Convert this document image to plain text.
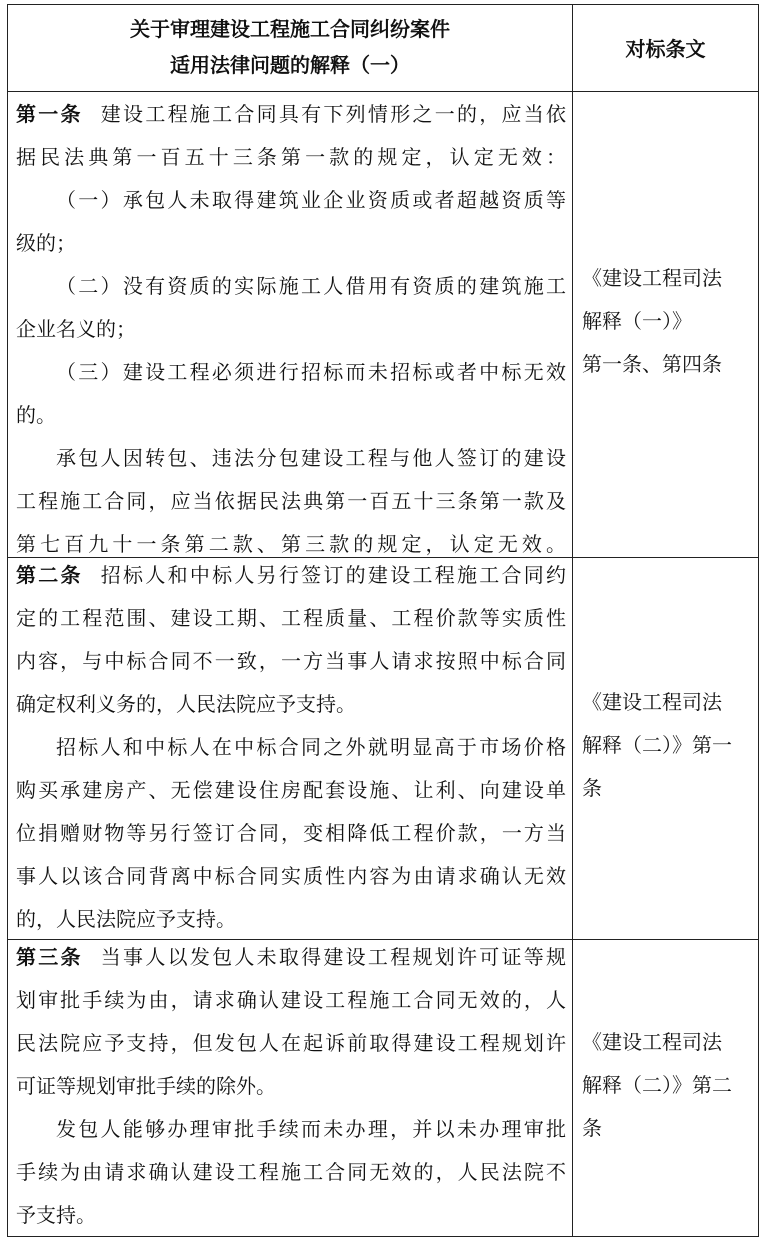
关于审理建设工程施工合同纠纷案件
适用法律问题的解释（一）
对标条文
第一条 建设工程施工合同具有下列情形之一的，应当依
据民法典第一百五十三条第一款的规定，认定无效：
（一）承包人未取得建筑业企业资质或者超越资质等
级的；
（二）没有资质的实际施工人借用有资质的建筑施工
企业名义的；
（三）建设工程必须进行招标而未招标或者中标无效
的。
承包人因转包、违法分包建设工程与他人签订的建设
工程施工合同，应当依据民法典第一百五十三条第一款及
第七百九十一条第二款、第三款的规定，认定无效。
《建设工程司法
解释（一）》
第一条、第四条
第二条 招标人和中标人另行签订的建设工程施工合同约
定的工程范围、建设工期、工程质量、工程价款等实质性
内容，与中标合同不一致，一方当事人请求按照中标合同
确定权利义务的，人民法院应予支持。
招标人和中标人在中标合同之外就明显高于市场价格
购买承建房产、无偿建设住房配套设施、让利、向建设单
位捐赠财物等另行签订合同，变相降低工程价款，一方当
事人以该合同背离中标合同实质性内容为由请求确认无效
的，人民法院应予支持。
《建设工程司法
解释（二）》第一
条
第三条 当事人以发包人未取得建设工程规划许可证等规
划审批手续为由，请求确认建设工程施工合同无效的，人
民法院应予支持，但发包人在起诉前取得建设工程规划许
可证等规划审批手续的除外。
发包人能够办理审批手续而未办理，并以未办理审批
手续为由请求确认建设工程施工合同无效的，人民法院不
予支持。
《建设工程司法
解释（二）》第二
条
